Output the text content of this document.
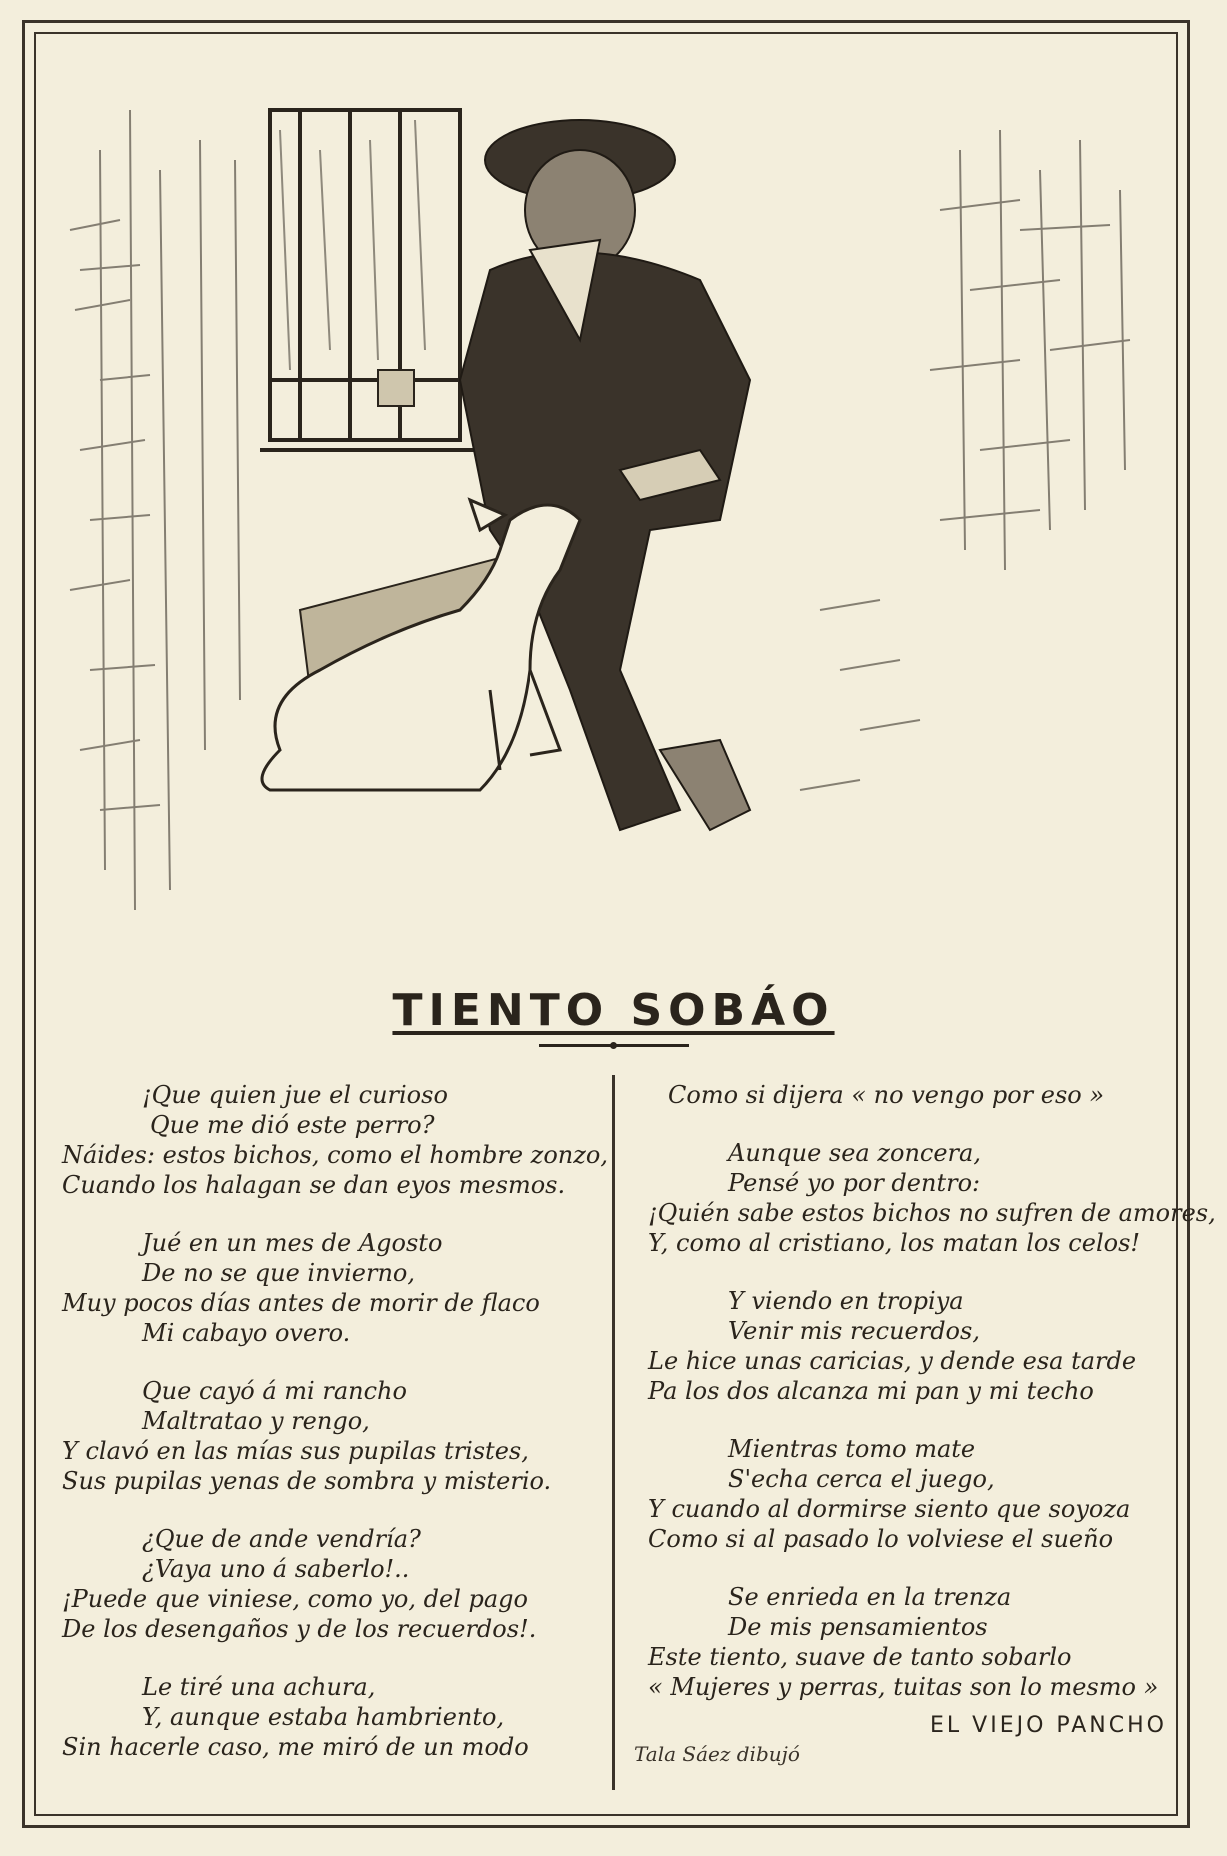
TIENTO SOBÁO
¡Que quien jue el curioso
Que me dió este perro?
Náides: estos bichos, como el hombre zonzo,
Cuando los halagan se dan eyos mesmos.
Jué en un mes de Agosto
De no se que invierno,
Muy pocos días antes de morir de flaco
Mi cabayo overo.
Que cayó á mi rancho
Maltratao y rengo,
Y clavó en las mías sus pupilas tristes,
Sus pupilas yenas de sombra y misterio.
¿Que de ande vendría?
¿Vaya uno á saberlo!..
¡Puede que viniese, como yo, del pago
De los desengaños y de los recuerdos!.
Le tiré una achura,
Y, aunque estaba hambriento,
Sin hacerle caso, me miró de un modo
Como si dijera « no vengo por eso »
Aunque sea zoncera,
Pensé yo por dentro:
¡Quién sabe estos bichos no sufren de amores,
Y, como al cristiano, los matan los celos!
Y viendo en tropiya
Venir mis recuerdos,
Le hice unas caricias, y dende esa tarde
Pa los dos alcanza mi pan y mi techo
Mientras tomo mate
S'echa cerca el juego,
Y cuando al dormirse siento que soyoza
Como si al pasado lo volviese el sueño
Se enrieda en la trenza
De mis pensamientos
Este tiento, suave de tanto sobarlo
« Mujeres y perras, tuitas son lo mesmo »
EL VIEJO PANCHO
Tala Sáez dibujó
